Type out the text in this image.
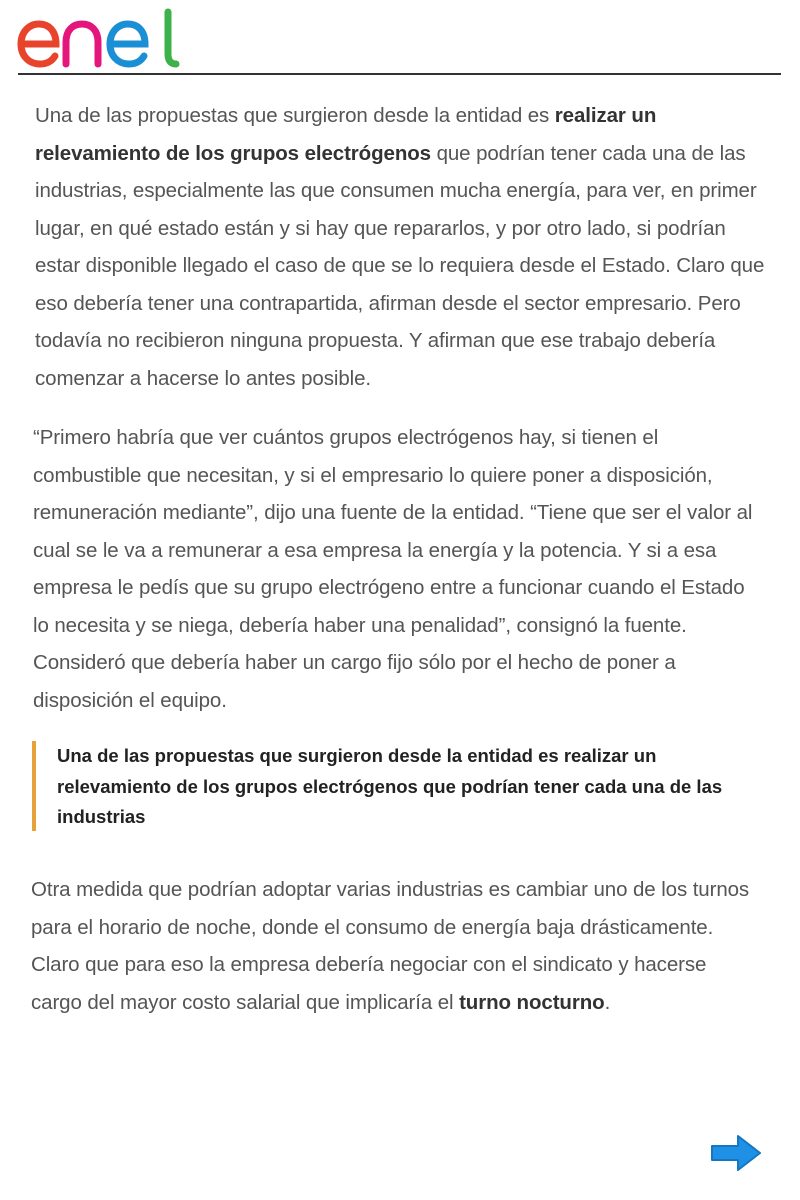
Una de las propuestas que surgieron desde la entidad es realizar un relevamiento de los grupos electrógenos que podrían tener cada una de las industrias, especialmente las que consumen mucha energía, para ver, en primer lugar, en qué estado están y si hay que repararlos, y por otro lado, si podrían estar disponible llegado el caso de que se lo requiera desde el Estado. Claro que eso debería tener una contrapartida, afirman desde el sector empresario. Pero todavía no recibieron ninguna propuesta. Y afirman que ese trabajo debería comenzar a hacerse lo antes posible.

“Primero habría que ver cuántos grupos electrógenos hay, si tienen el combustible que necesitan, y si el empresario lo quiere poner a disposición, remuneración mediante”, dijo una fuente de la entidad. “Tiene que ser el valor al cual se le va a remunerar a esa empresa la energía y la potencia. Y si a esa empresa le pedís que su grupo electrógeno entre a funcionar cuando el Estado lo necesita y se niega, debería haber una penalidad”, consignó la fuente. Consideró que debería haber un cargo fijo sólo por el hecho de poner a disposición el equipo.

Una de las propuestas que surgieron desde la entidad es realizar un relevamiento de los grupos electrógenos que podrían tener cada una de las industrias

Otra medida que podrían adoptar varias industrias es cambiar uno de los turnos para el horario de noche, donde el consumo de energía baja drásticamente. Claro que para eso la empresa debería negociar con el sindicato y hacerse cargo del mayor costo salarial que implicaría el turno nocturno.
